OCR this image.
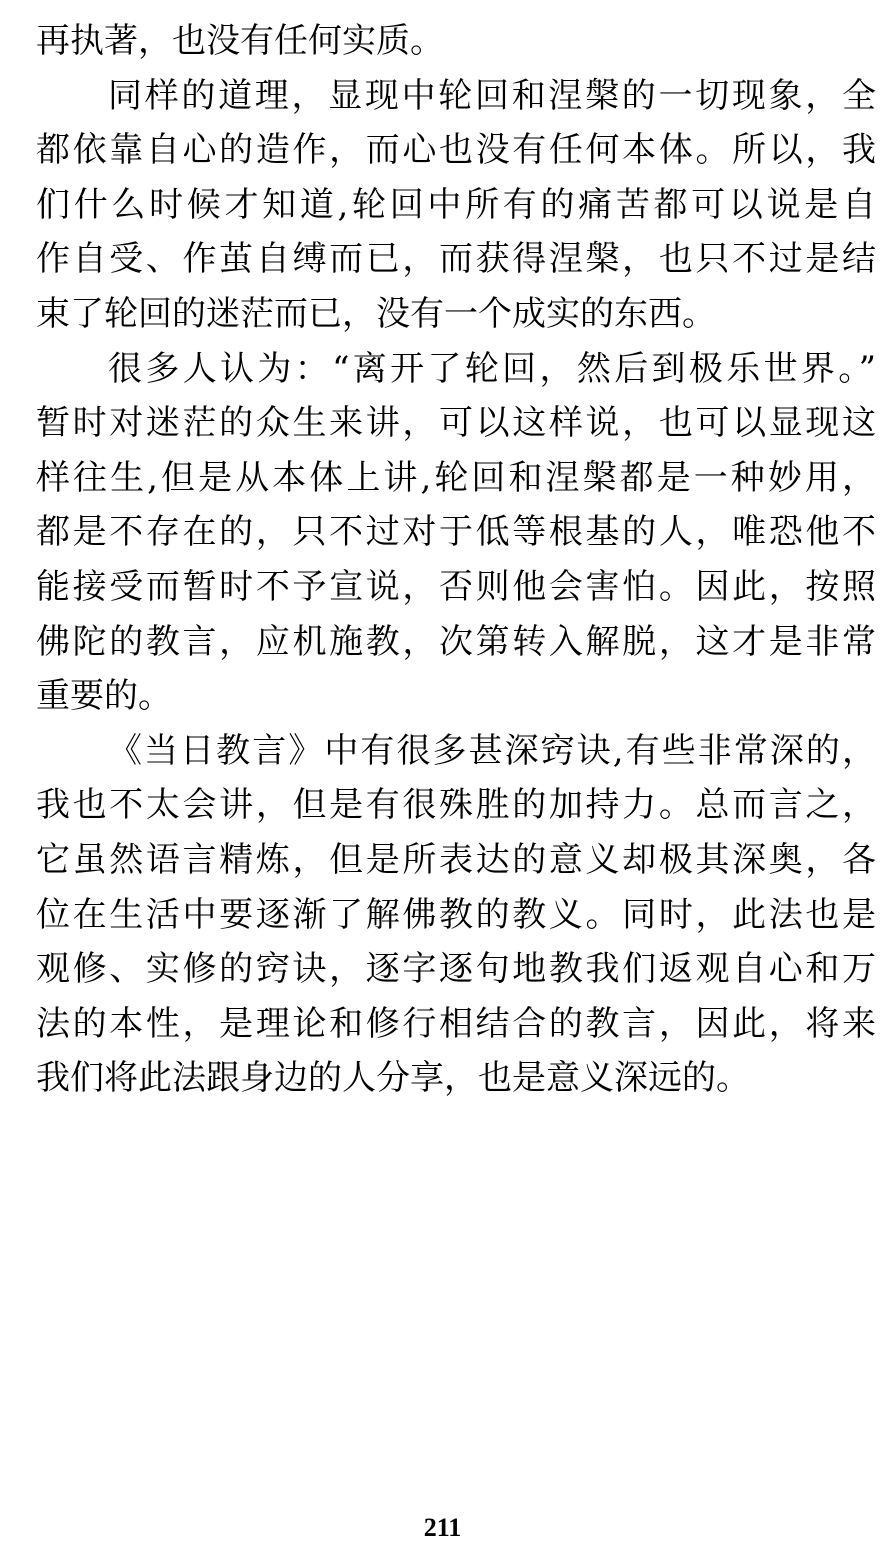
再执著，也没有任何实质。
同样的道理，显现中轮回和涅槃的一切现象，全
都依靠自心的造作，而心也没有任何本体。所以，我
们什么时候才知道,轮回中所有的痛苦都可以说是自
作自受、作茧自缚而已，而获得涅槃，也只不过是结
束了轮回的迷茫而已，没有一个成实的东西。
很多人认为：“离开了轮回，然后到极乐世界。”
暂时对迷茫的众生来讲，可以这样说，也可以显现这
样往生,但是从本体上讲,轮回和涅槃都是一种妙用，
都是不存在的，只不过对于低等根基的人，唯恐他不
能接受而暂时不予宣说，否则他会害怕。因此，按照
佛陀的教言，应机施教，次第转入解脱，这才是非常
重要的。
《当日教言》中有很多甚深窍诀,有些非常深的，
我也不太会讲，但是有很殊胜的加持力。总而言之，
它虽然语言精炼，但是所表达的意义却极其深奥，各
位在生活中要逐渐了解佛教的教义。同时，此法也是
观修、实修的窍诀，逐字逐句地教我们返观自心和万
法的本性，是理论和修行相结合的教言，因此，将来
我们将此法跟身边的人分享，也是意义深远的。
211
